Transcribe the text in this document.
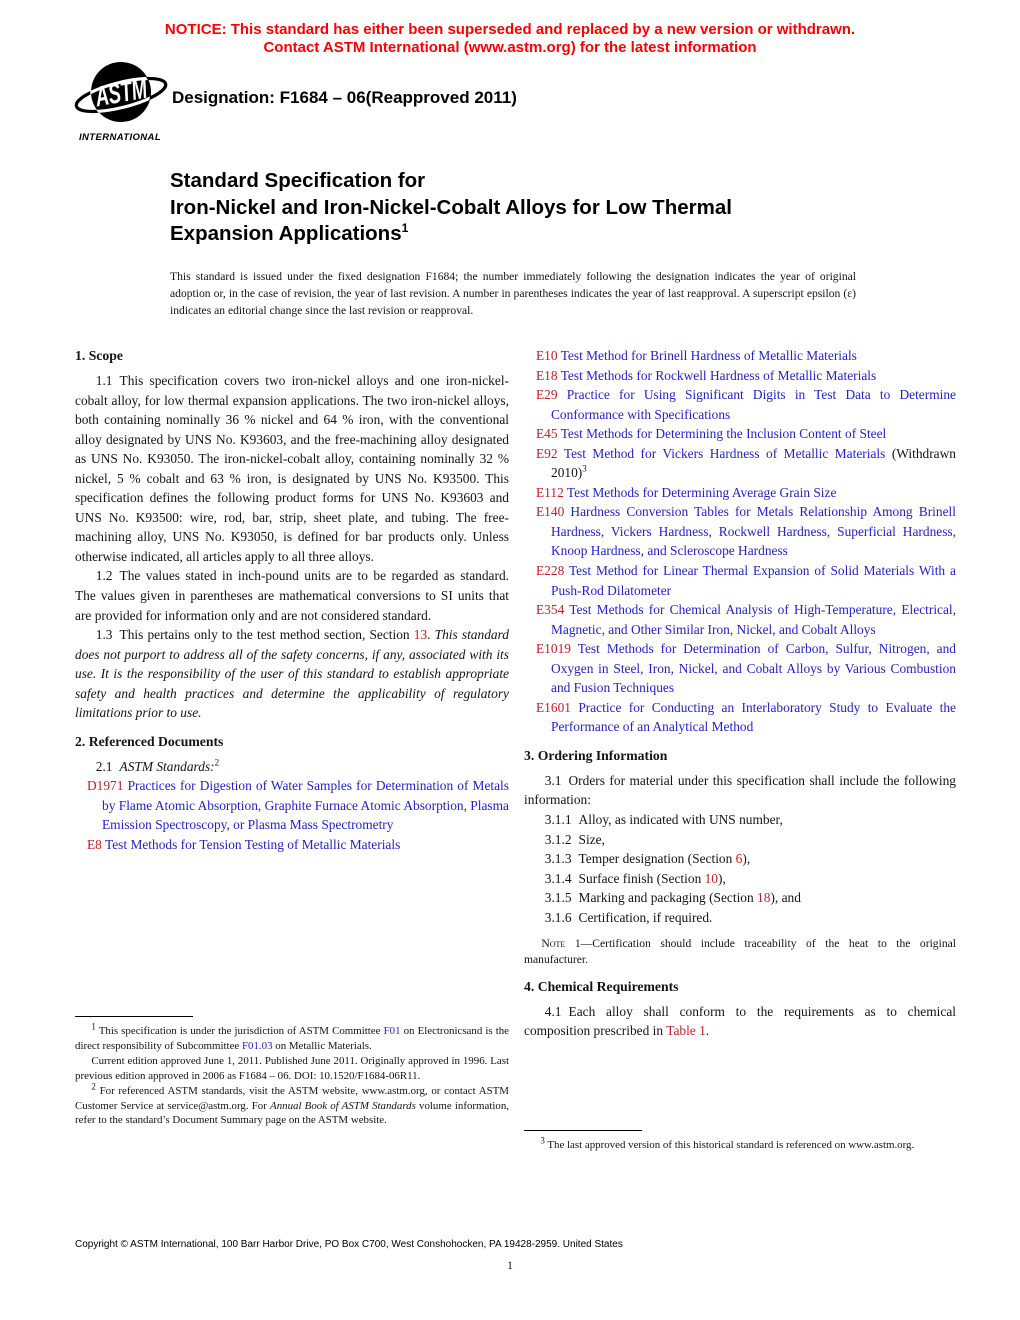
NOTICE: This standard has either been superseded and replaced by a new version or withdrawn.
Contact ASTM International (www.astm.org) for the latest information
ASTM
INTERNATIONAL
Designation: F1684 – 06(Reapproved 2011)
Standard Specification for
Iron-Nickel and Iron-Nickel-Cobalt Alloys for Low Thermal
Expansion Applications$^1$

This standard is issued under the fixed designation F1684; the number immediately following the designation indicates the year of original adoption or, in the case of revision, the year of last revision. A number in parentheses indicates the year of last reapproval. A superscript epsilon (ε) indicates an editorial change since the last revision or reapproval.

1. Scope

1.1 This specification covers two iron-nickel alloys and one iron-nickel-cobalt alloy, for low thermal expansion applications. The two iron-nickel alloys, both containing nominally 36 % nickel and 64 % iron, with the conventional alloy designated by UNS No. K93603, and the free-machining alloy designated as UNS No. K93050. The iron-nickel-cobalt alloy, containing nominally 32 % nickel, 5 % cobalt and 63 % iron, is designated by UNS No. K93500. This specification defines the following product forms for UNS No. K93603 and UNS No. K93500: wire, rod, bar, strip, sheet plate, and tubing. The free-machining alloy, UNS No. K93050, is defined for bar products only. Unless otherwise indicated, all articles apply to all three alloys.

1.2 The values stated in inch-pound units are to be regarded as standard. The values given in parentheses are mathematical conversions to SI units that are provided for information only and are not considered standard.

1.3 This pertains only to the test method section, Section 13. This standard does not purport to address all of the safety concerns, if any, associated with its use. It is the responsibility of the user of this standard to establish appropriate safety and health practices and determine the applicability of regulatory limitations prior to use.

2. Referenced Documents

2.1 ASTM Standards:$^2$

D1971 Practices for Digestion of Water Samples for Determination of Metals by Flame Atomic Absorption, Graphite Furnace Atomic Absorption, Plasma Emission Spectroscopy, or Plasma Mass Spectrometry

E8 Test Methods for Tension Testing of Metallic Materials

E10 Test Method for Brinell Hardness of Metallic Materials

E18 Test Methods for Rockwell Hardness of Metallic Materials

E29 Practice for Using Significant Digits in Test Data to Determine Conformance with Specifications

E45 Test Methods for Determining the Inclusion Content of Steel

E92 Test Method for Vickers Hardness of Metallic Materials (Withdrawn 2010)$^3$

E112 Test Methods for Determining Average Grain Size

E140 Hardness Conversion Tables for Metals Relationship Among Brinell Hardness, Vickers Hardness, Rockwell Hardness, Superficial Hardness, Knoop Hardness, and Scleroscope Hardness

E228 Test Method for Linear Thermal Expansion of Solid Materials With a Push-Rod Dilatometer

E354 Test Methods for Chemical Analysis of High-Temperature, Electrical, Magnetic, and Other Similar Iron, Nickel, and Cobalt Alloys

E1019 Test Methods for Determination of Carbon, Sulfur, Nitrogen, and Oxygen in Steel, Iron, Nickel, and Cobalt Alloys by Various Combustion and Fusion Techniques

E1601 Practice for Conducting an Interlaboratory Study to Evaluate the Performance of an Analytical Method

3. Ordering Information

3.1 Orders for material under this specification shall include the following information:

3.1.1 Alloy, as indicated with UNS number,

3.1.2 Size,

3.1.3 Temper designation (Section 6),

3.1.4 Surface finish (Section 10),

3.1.5 Marking and packaging (Section 18), and

3.1.6 Certification, if required.

Note 1—Certification should include traceability of the heat to the original manufacturer.

4. Chemical Requirements

4.1 Each alloy shall conform to the requirements as to chemical composition prescribed in Table 1.

$^1$ This specification is under the jurisdiction of ASTM Committee F01 on Electronicsand is the direct responsibility of Subcommittee F01.03 on Metallic Materials.

Current edition approved June 1, 2011. Published June 2011. Originally approved in 1996. Last previous edition approved in 2006 as F1684 – 06. DOI: 10.1520/F1684-06R11.

$^2$ For referenced ASTM standards, visit the ASTM website, www.astm.org, or contact ASTM Customer Service at service@astm.org. For Annual Book of ASTM Standards volume information, refer to the standard’s Document Summary page on the ASTM website.

$^3$ The last approved version of this historical standard is referenced on www.astm.org.

Copyright © ASTM International, 100 Barr Harbor Drive, PO Box C700, West Conshohocken, PA 19428-2959. United States
1
